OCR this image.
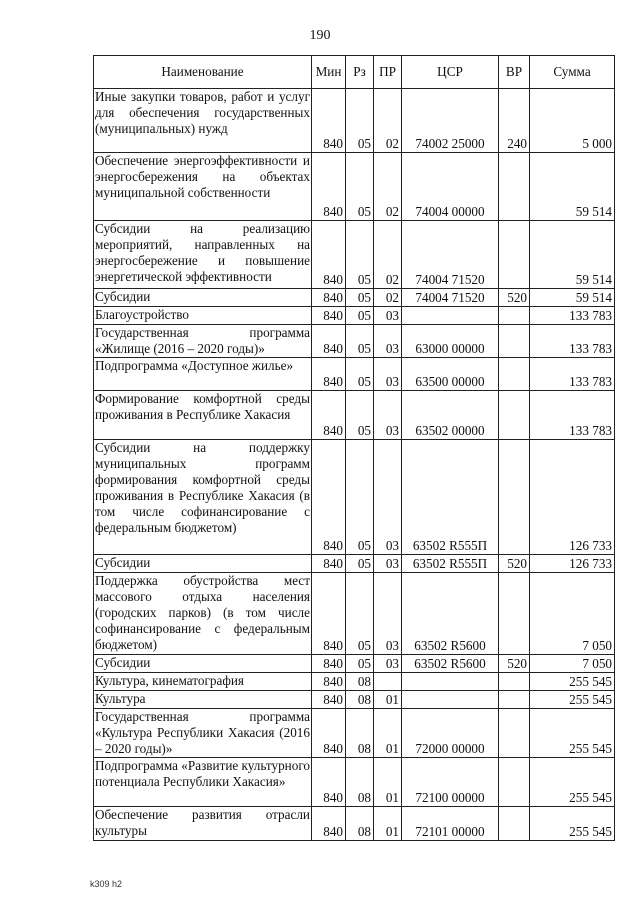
190
Наименование	Мин	Рз	ПР	ЦСР	ВР	Сумма
Иные закупки товаров, работ и услуг для обеспечения государственных (муниципальных) нужд	840	05	02	74002 25000	240	5 000
Обеспечение энергоэффективности и энергосбережения на объектах муниципальной собственности	840	05	02	74004 00000		59 514
Субсидии на реализацию мероприятий, направленных на энергосбережение и повышение энергетической эффективности	840	05	02	74004 71520		59 514
Субсидии	840	05	02	74004 71520	520	59 514
Благоустройство	840	05	03			133 783
Государственная программа «Жилище (2016 – 2020 годы)»	840	05	03	63000 00000		133 783
Подпрограмма «Доступное жилье»	840	05	03	63500 00000		133 783
Формирование комфортной среды проживания в Республике Хакасия	840	05	03	63502 00000		133 783
Субсидии на поддержку муниципальных программ формирования комфортной среды проживания в Республике Хакасия (в том числе софинансирование с федеральным бюджетом)	840	05	03	63502 R555П		126 733
Субсидии	840	05	03	63502 R555П	520	126 733
Поддержка обустройства мест массового отдыха населения (городских парков) (в том числе софинансирование с федеральным бюджетом)	840	05	03	63502 R5600		7 050
Субсидии	840	05	03	63502 R5600	520	7 050
Культура, кинематография	840	08				255 545
Культура	840	08	01			255 545
Государственная программа «Культура Республики Хакасия (2016 – 2020 годы)»	840	08	01	72000 00000		255 545
Подпрограмма «Развитие культурного потенциала Республики Хакасия»	840	08	01	72100 00000		255 545
Обеспечение развития отрасли культуры	840	08	01	72101 00000		255 545
k309 h2
